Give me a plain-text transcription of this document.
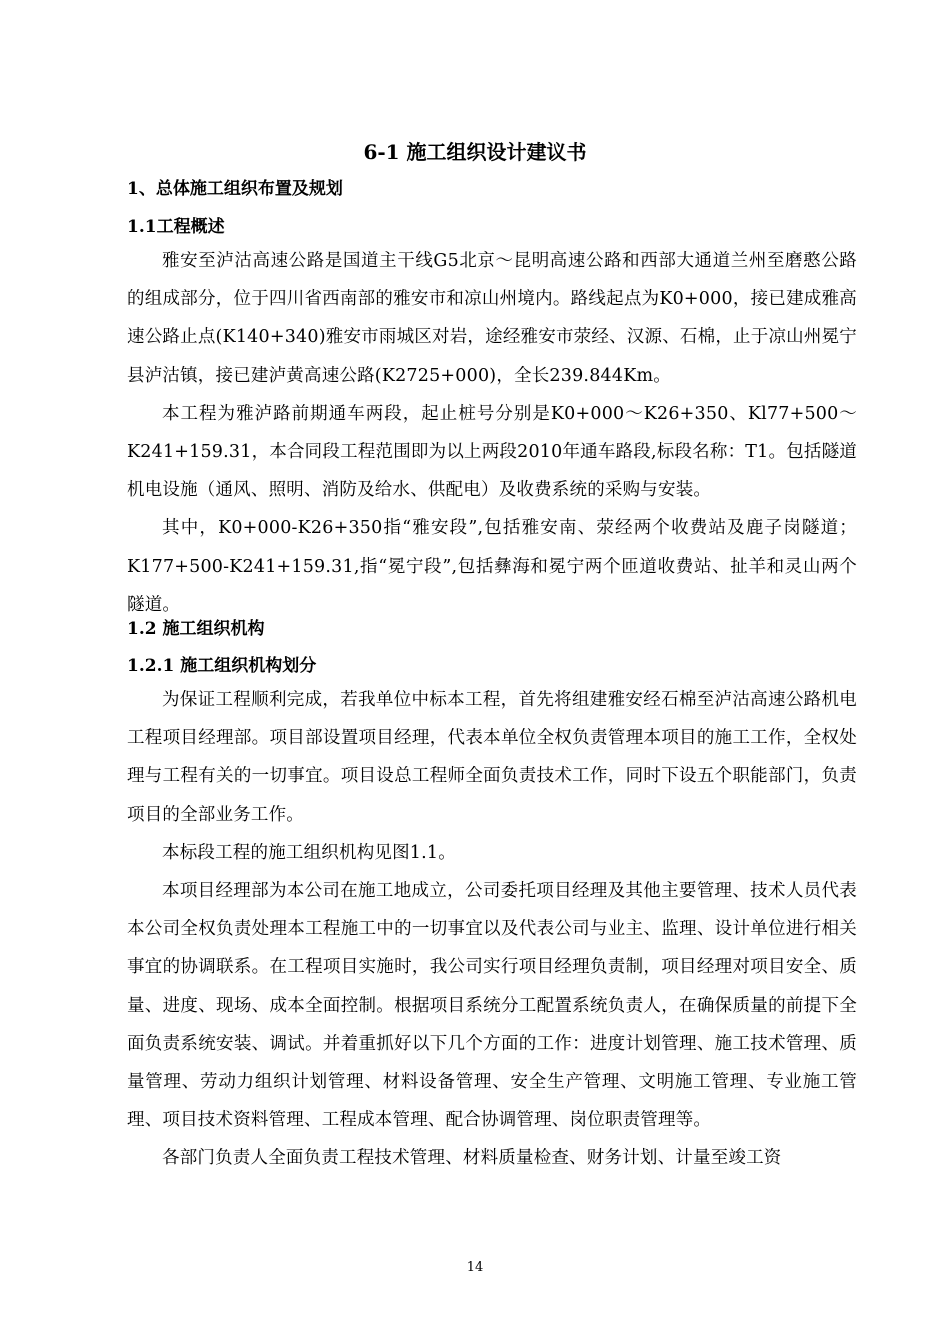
6-1 施工组织设计建议书
1、总体施工组织布置及规划
1.1工程概述

雅安至泸沽高速公路是国道主干线G5北京～昆明高速公路和西部大通道兰州至磨憨公路的组成部分，位于四川省西南部的雅安市和凉山州境内。路线起点为K0+000，接已建成雅高速公路止点(K140+340)雅安市雨城区对岩，途经雅安市荥经、汉源、石棉，止于凉山州冕宁县泸沽镇，接已建泸黄高速公路(K2725+000)，全长239.844Km。

本工程为雅泸路前期通车两段，起止桩号分别是K0+000～K26+350、Kl77+500～K241+159.31，本合同段工程范围即为以上两段2010年通车路段,标段名称：T1。包括隧道机电设施（通风、照明、消防及给水、供配电）及收费系统的采购与安装。

其中，K0+000-K26+350指“雅安段”,包括雅安南、荥经两个收费站及鹿子岗隧道；K177+500-K241+159.31,指“冕宁段”,包括彝海和冕宁两个匝道收费站、扯羊和灵山两个隧道。

1.2 施工组织机构
1.2.1 施工组织机构划分

为保证工程顺利完成，若我单位中标本工程，首先将组建雅安经石棉至泸沽高速公路机电工程项目经理部。项目部设置项目经理，代表本单位全权负责管理本项目的施工工作，全权处理与工程有关的一切事宜。项目设总工程师全面负责技术工作，同时下设五个职能部门，负责项目的全部业务工作。

本标段工程的施工组织机构见图1.1。

本项目经理部为本公司在施工地成立，公司委托项目经理及其他主要管理、技术人员代表本公司全权负责处理本工程施工中的一切事宜以及代表公司与业主、监理、设计单位进行相关事宜的协调联系。在工程项目实施时，我公司实行项目经理负责制，项目经理对项目安全、质量、进度、现场、成本全面控制。根据项目系统分工配置系统负责人，在确保质量的前提下全面负责系统安装、调试。并着重抓好以下几个方面的工作：进度计划管理、施工技术管理、质量管理、劳动力组织计划管理、材料设备管理、安全生产管理、文明施工管理、专业施工管理、项目技术资料管理、工程成本管理、配合协调管理、岗位职责管理等。

各部门负责人全面负责工程技术管理、材料质量检查、财务计划、计量至竣工资

14
